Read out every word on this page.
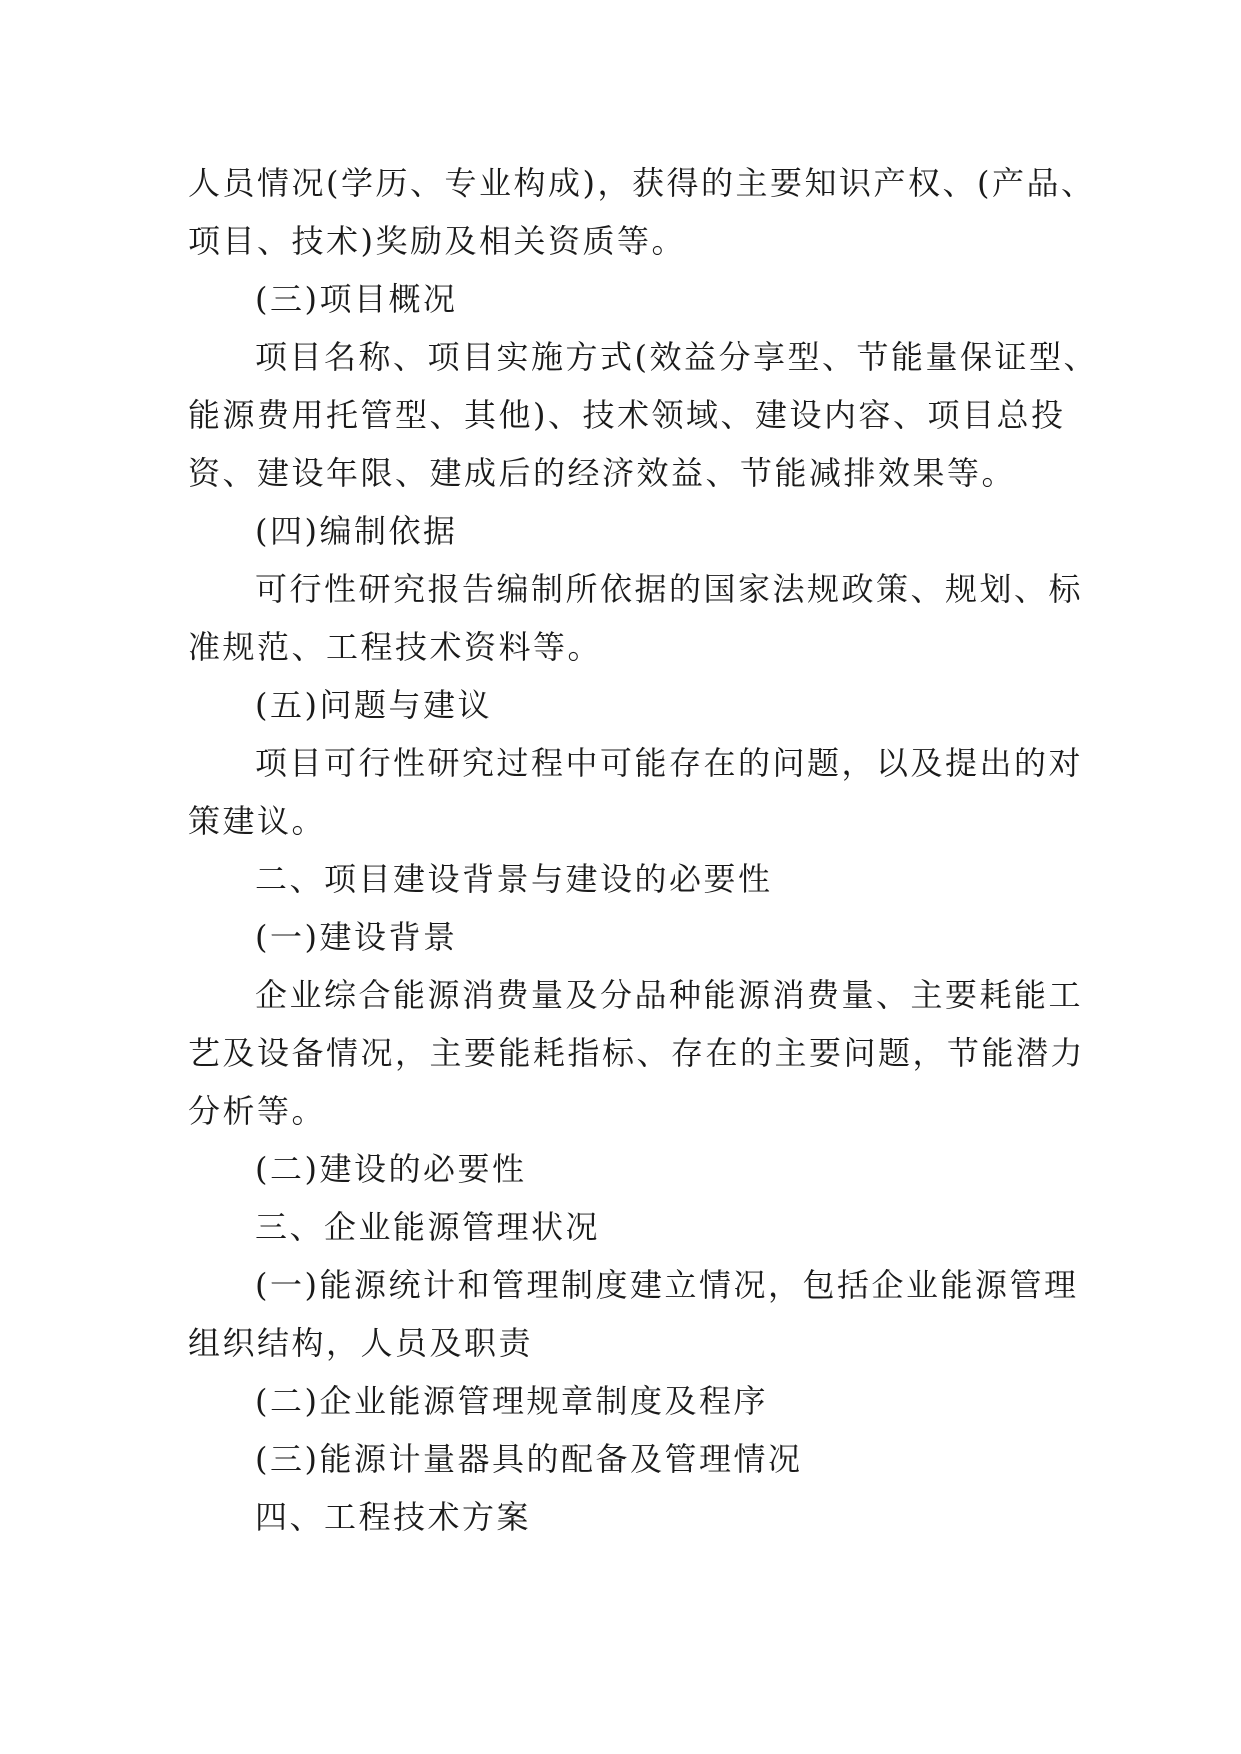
人员情况(学历、专业构成)，获得的主要知识产权、(产品、
项目、技术)奖励及相关资质等。
(三)项目概况
项目名称、项目实施方式(效益分享型、节能量保证型、
能源费用托管型、其他)、技术领域、建设内容、项目总投
资、建设年限、建成后的经济效益、节能减排效果等。
(四)编制依据
可行性研究报告编制所依据的国家法规政策、规划、标
准规范、工程技术资料等。
(五)问题与建议
项目可行性研究过程中可能存在的问题，以及提出的对
策建议。
二、项目建设背景与建设的必要性
(一)建设背景
企业综合能源消费量及分品种能源消费量、主要耗能工
艺及设备情况，主要能耗指标、存在的主要问题，节能潜力
分析等。
(二)建设的必要性
三、企业能源管理状况
(一)能源统计和管理制度建立情况，包括企业能源管理
组织结构，人员及职责
(二)企业能源管理规章制度及程序
(三)能源计量器具的配备及管理情况
四、工程技术方案
